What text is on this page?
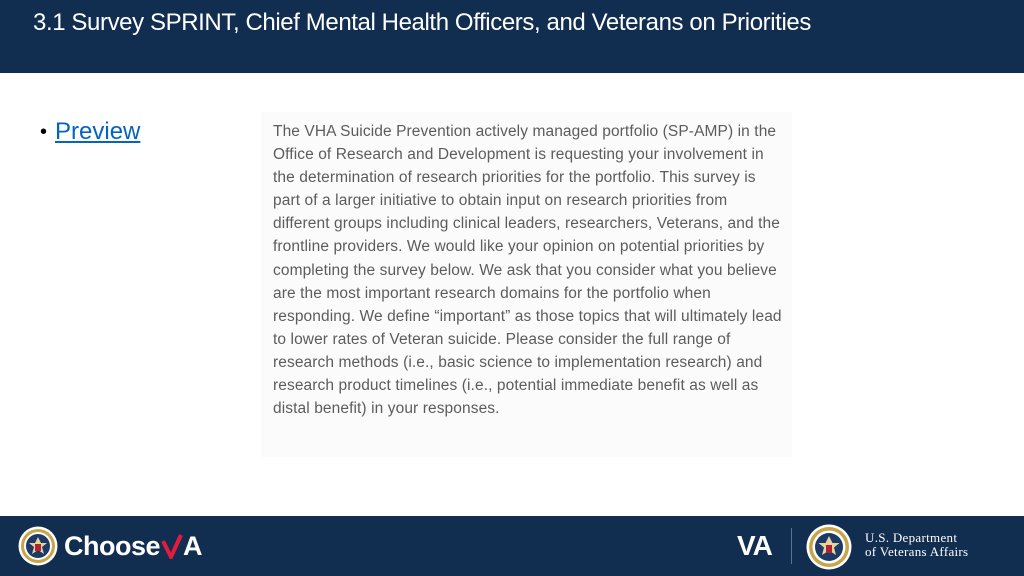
3.1 Survey SPRINT, Chief Mental Health Officers, and Veterans on Priorities
• Preview	The VHA Suicide Prevention actively managed portfolio (SP-AMP) in the Office of Research and Development is requesting your involvement in the determination of research priorities for the portfolio. This survey is part of a larger initiative to obtain input on research priorities from different groups including clinical leaders, researchers, Veterans, and the frontline providers. We would like your opinion on potential priorities by completing the survey below. We ask that you consider what you believe are the most important research domains for the portfolio when responding. We define “important” as those topics that will ultimately lead to lower rates of Veteran suicide. Please consider the full range of research methods (i.e., basic science to implementation research) and research product timelines (i.e., potential immediate benefit as well as distal benefit) in your responses.

Choose A	VA	U.S. Department
of Veterans Affairs
